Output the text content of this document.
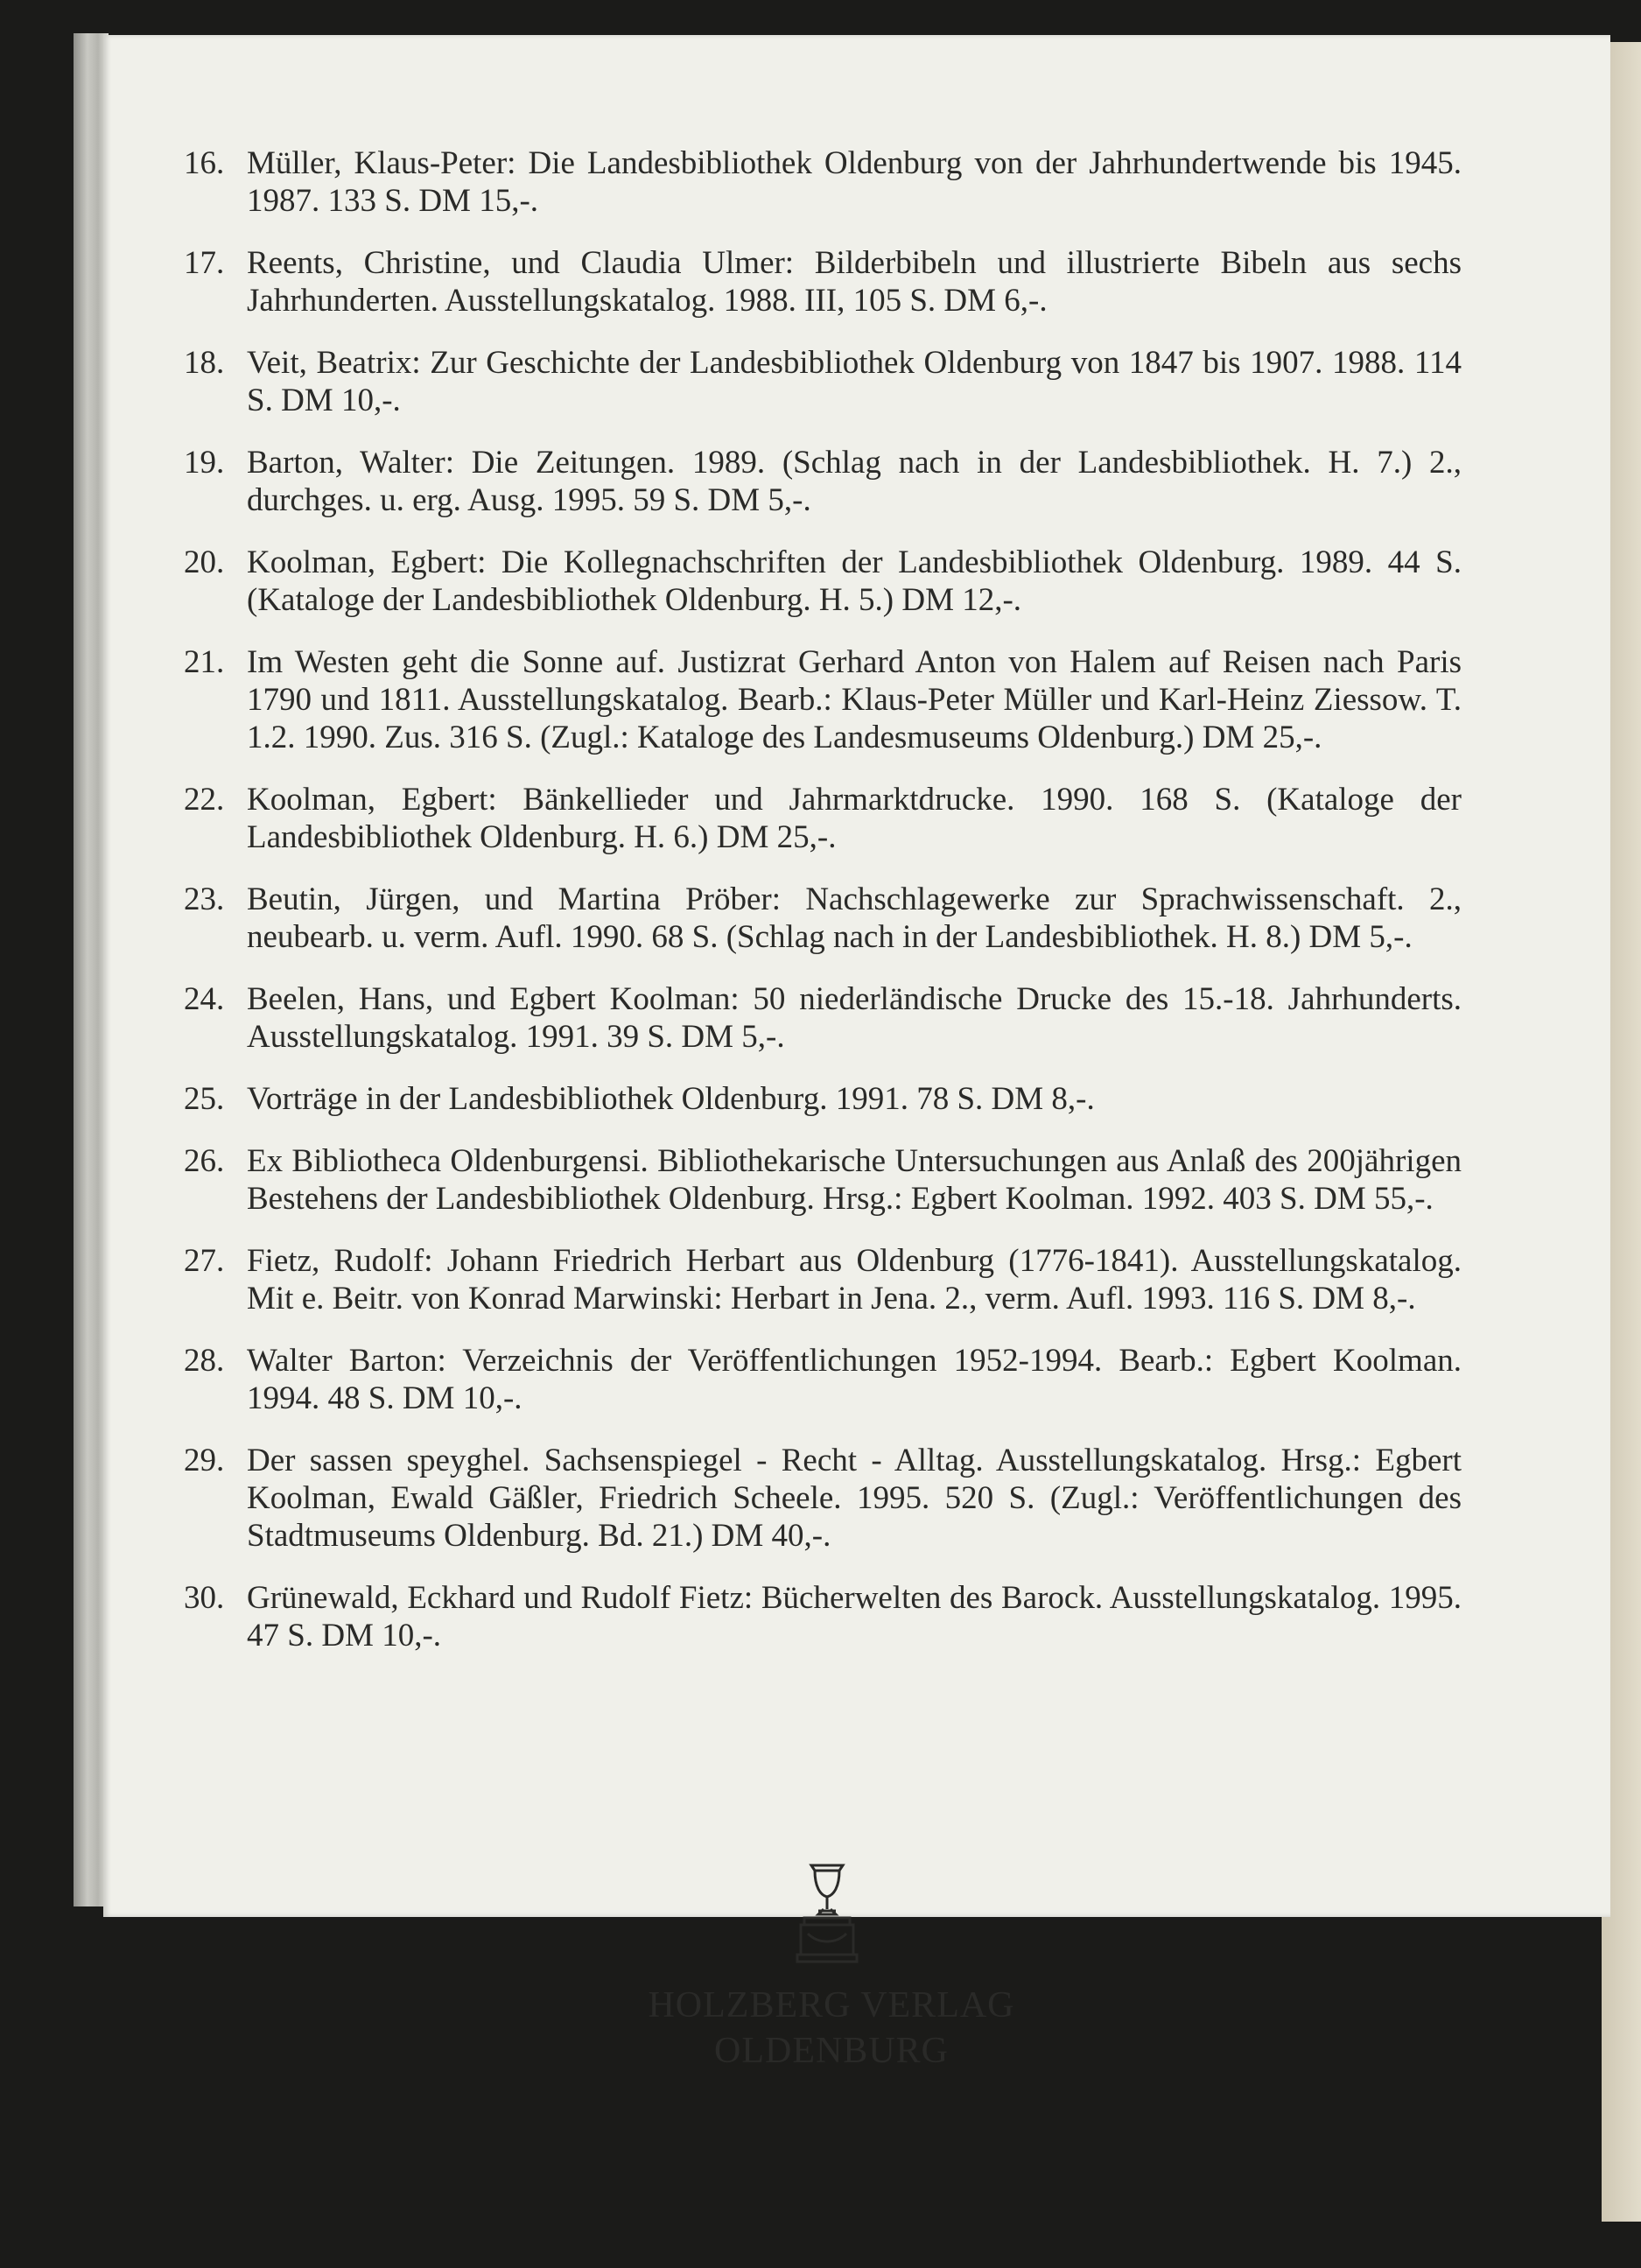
16. Müller, Klaus-Peter: Die Landesbibliothek Oldenburg von der Jahrhundertwende bis 1945. 1987. 133 S. DM 15,-.
17. Reents, Christine, und Claudia Ulmer: Bilderbibeln und illustrierte Bibeln aus sechs Jahrhunderten. Ausstellungskatalog. 1988. III, 105 S. DM 6,-.
18. Veit, Beatrix: Zur Geschichte der Landesbibliothek Oldenburg von 1847 bis 1907. 1988. 114 S. DM 10,-.
19. Barton, Walter: Die Zeitungen. 1989. (Schlag nach in der Landesbibliothek. H. 7.) 2., durchges. u. erg. Ausg. 1995. 59 S. DM 5,-.
20. Koolman, Egbert: Die Kollegnachschriften der Landesbibliothek Oldenburg. 1989. 44 S. (Kataloge der Landesbibliothek Oldenburg. H. 5.) DM 12,-.
21. Im Westen geht die Sonne auf. Justizrat Gerhard Anton von Halem auf Reisen nach Paris 1790 und 1811. Ausstellungskatalog. Bearb.: Klaus-Peter Müller und Karl-Heinz Ziessow. T. 1.2. 1990. Zus. 316 S. (Zugl.: Kataloge des Landesmuseums Oldenburg.) DM 25,-.
22. Koolman, Egbert: Bänkellieder und Jahrmarktdrucke. 1990. 168 S. (Kataloge der Landesbibliothek Oldenburg. H. 6.) DM 25,-.
23. Beutin, Jürgen, und Martina Pröber: Nachschlagewerke zur Sprachwissenschaft. 2., neubearb. u. verm. Aufl. 1990. 68 S. (Schlag nach in der Landesbibliothek. H. 8.) DM 5,-.
24. Beelen, Hans, und Egbert Koolman: 50 niederländische Drucke des 15.-18. Jahrhunderts. Ausstellungskatalog. 1991. 39 S. DM 5,-.
25. Vorträge in der Landesbibliothek Oldenburg. 1991. 78 S. DM 8,-.
26. Ex Bibliotheca Oldenburgensi. Bibliothekarische Untersuchungen aus Anlaß des 200jährigen Bestehens der Landesbibliothek Oldenburg. Hrsg.: Egbert Koolman. 1992. 403 S. DM 55,-.
27. Fietz, Rudolf: Johann Friedrich Herbart aus Oldenburg (1776-1841). Ausstellungskatalog. Mit e. Beitr. von Konrad Marwinski: Herbart in Jena. 2., verm. Aufl. 1993. 116 S. DM 8,-.
28. Walter Barton: Verzeichnis der Veröffentlichungen 1952-1994. Bearb.: Egbert Koolman. 1994. 48 S. DM 10,-.
29. Der sassen speyghel. Sachsenspiegel - Recht - Alltag. Ausstellungskatalog. Hrsg.: Egbert Koolman, Ewald Gäßler, Friedrich Scheele. 1995. 520 S. (Zugl.: Veröffentlichungen des Stadtmuseums Oldenburg. Bd. 21.) DM 40,-.
30. Grünewald, Eckhard und Rudolf Fietz: Bücherwelten des Barock. Ausstellungskatalog. 1995. 47 S. DM 10,-.
HOLZBERG VERLAG
OLDENBURG
